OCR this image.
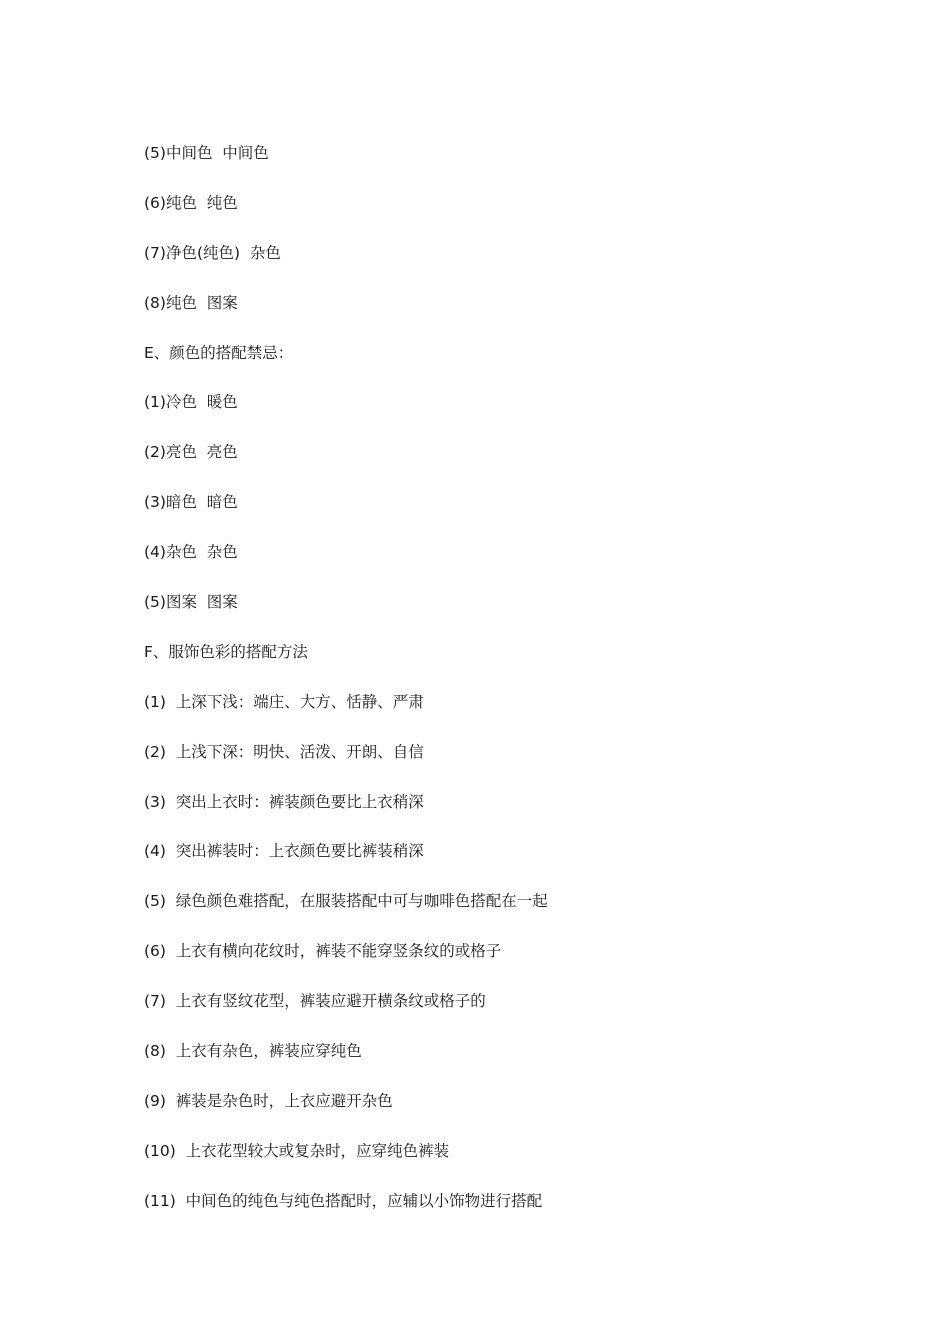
(5)中间色  中间色
(6)纯色  纯色
(7)净色(纯色)  杂色
(8)纯色  图案
E、颜色的搭配禁忌：
(1)冷色  暖色
(2)亮色  亮色
(3)暗色  暗色
(4)杂色  杂色
(5)图案  图案
F、服饰色彩的搭配方法
(1)  上深下浅：端庄、大方、恬静、严肃
(2)  上浅下深：明快、活泼、开朗、自信
(3)  突出上衣时：裤装颜色要比上衣稍深
(4)  突出裤装时：上衣颜色要比裤装稍深
(5)  绿色颜色难搭配，在服装搭配中可与咖啡色搭配在一起
(6)  上衣有横向花纹时，裤装不能穿竖条纹的或格子
(7)  上衣有竖纹花型，裤装应避开横条纹或格子的
(8)  上衣有杂色，裤装应穿纯色
(9)  裤装是杂色时，上衣应避开杂色
(10)  上衣花型较大或复杂时，应穿纯色裤装
(11)  中间色的纯色与纯色搭配时，应辅以小饰物进行搭配
